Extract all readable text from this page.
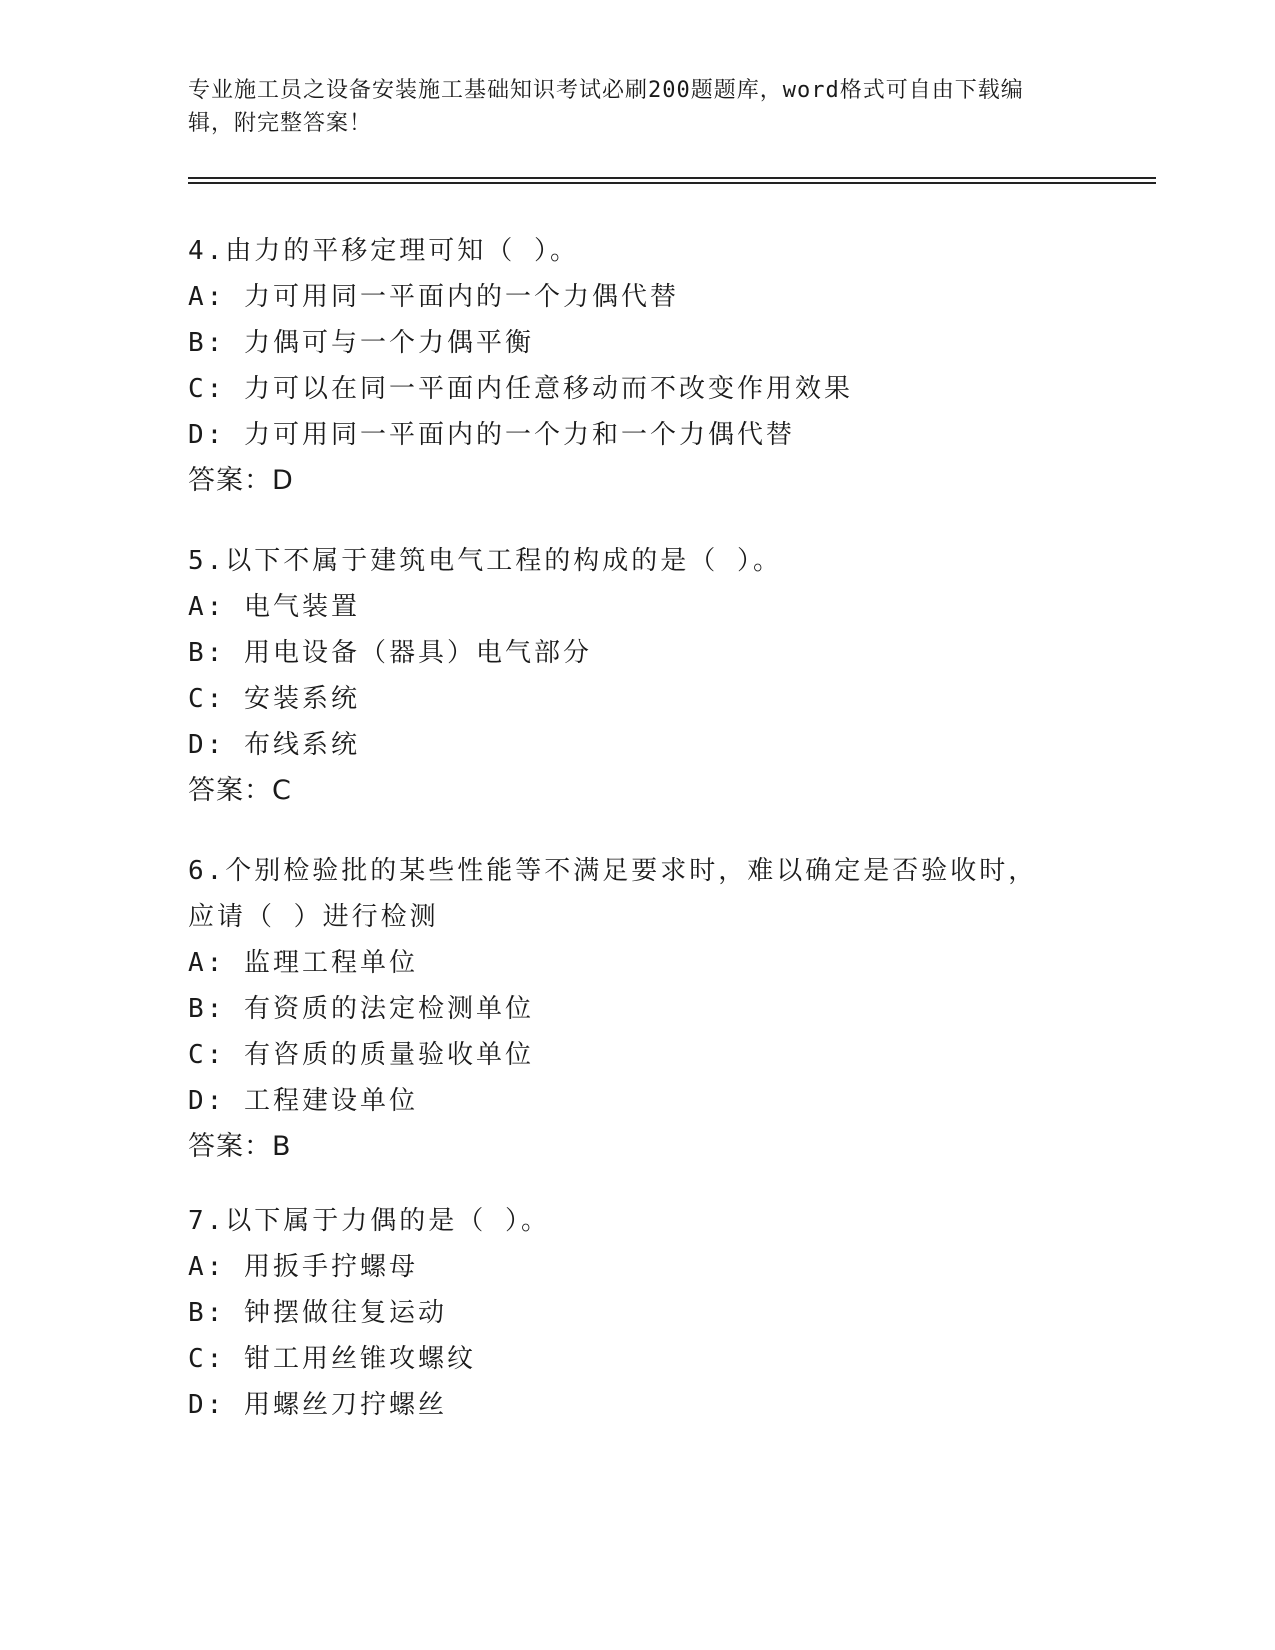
专业施工员之设备安装施工基础知识考试必刷200题题库，word格式可自由下载编辑，附完整答案！
4.由力的平移定理可知（ ）。
A: 力可用同一平面内的一个力偶代替
B: 力偶可与一个力偶平衡
C: 力可以在同一平面内任意移动而不改变作用效果
D: 力可用同一平面内的一个力和一个力偶代替
答案：D
5.以下不属于建筑电气工程的构成的是（ ）。
A: 电气装置
B: 用电设备（器具）电气部分
C: 安装系统
D: 布线系统
答案：C
6.个别检验批的某些性能等不满足要求时，难以确定是否验收时，应请（ ）进行检测
A: 监理工程单位
B: 有资质的法定检测单位
C: 有咨质的质量验收单位
D: 工程建设单位
答案：B
7.以下属于力偶的是（ ）。
A: 用扳手拧螺母
B: 钟摆做往复运动
C: 钳工用丝锥攻螺纹
D: 用螺丝刀拧螺丝
